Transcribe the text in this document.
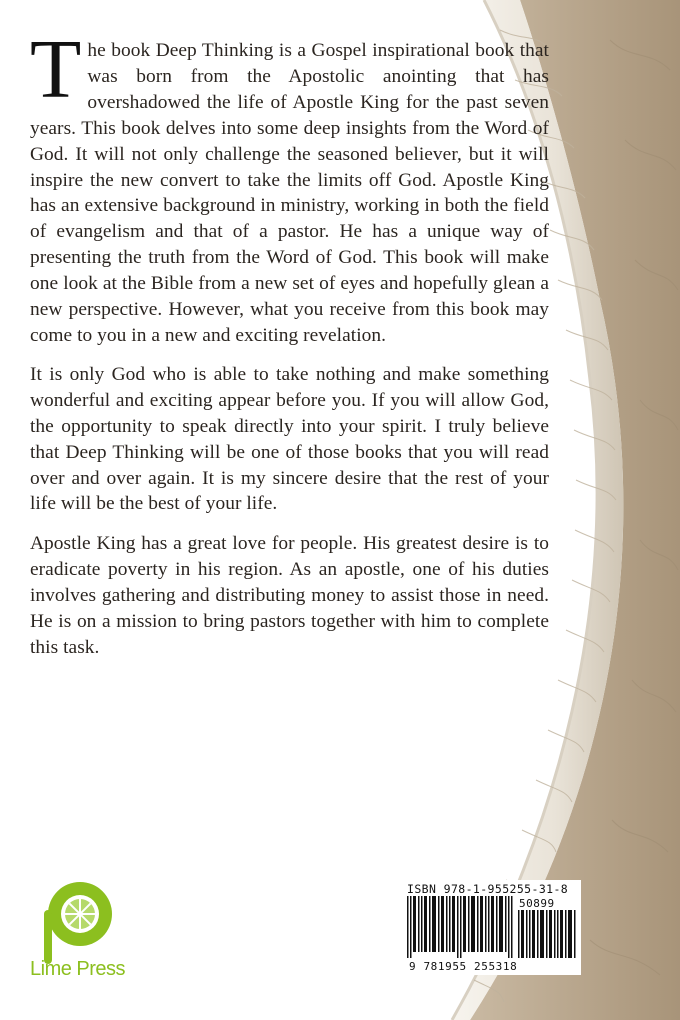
The book Deep Thinking is a Gospel inspirational book that was born from the Apostolic anointing that has overshadowed the life of Apostle King for the past seven years. This book delves into some deep insights from the Word of God. It will not only challenge the seasoned believer, but it will inspire the new convert to take the limits off God. Apostle King has an extensive background in ministry, working in both the field of evangelism and that of a pastor. He has a unique way of presenting the truth from the Word of God. This book will make one look at the Bible from a new set of eyes and hopefully glean a new perspective. However, what you receive from this book may come to you in a new and exciting revelation.

It is only God who is able to take nothing and make something wonderful and exciting appear before you. If you will allow God, the opportunity to speak directly into your spirit. I truly believe that Deep Thinking will be one of those books that you will read over and over again. It is my sincere desire that the rest of your life will be the best of your life.

Apostle King has a great love for people. His greatest desire is to eradicate poverty in his region. As an apostle, one of his duties involves gathering and distributing money to assist those in need. He is on a mission to bring pastors together with him to complete this task.

Lime Press
ISBN 978-1-955255-31-8
50899
9 781955 255318
